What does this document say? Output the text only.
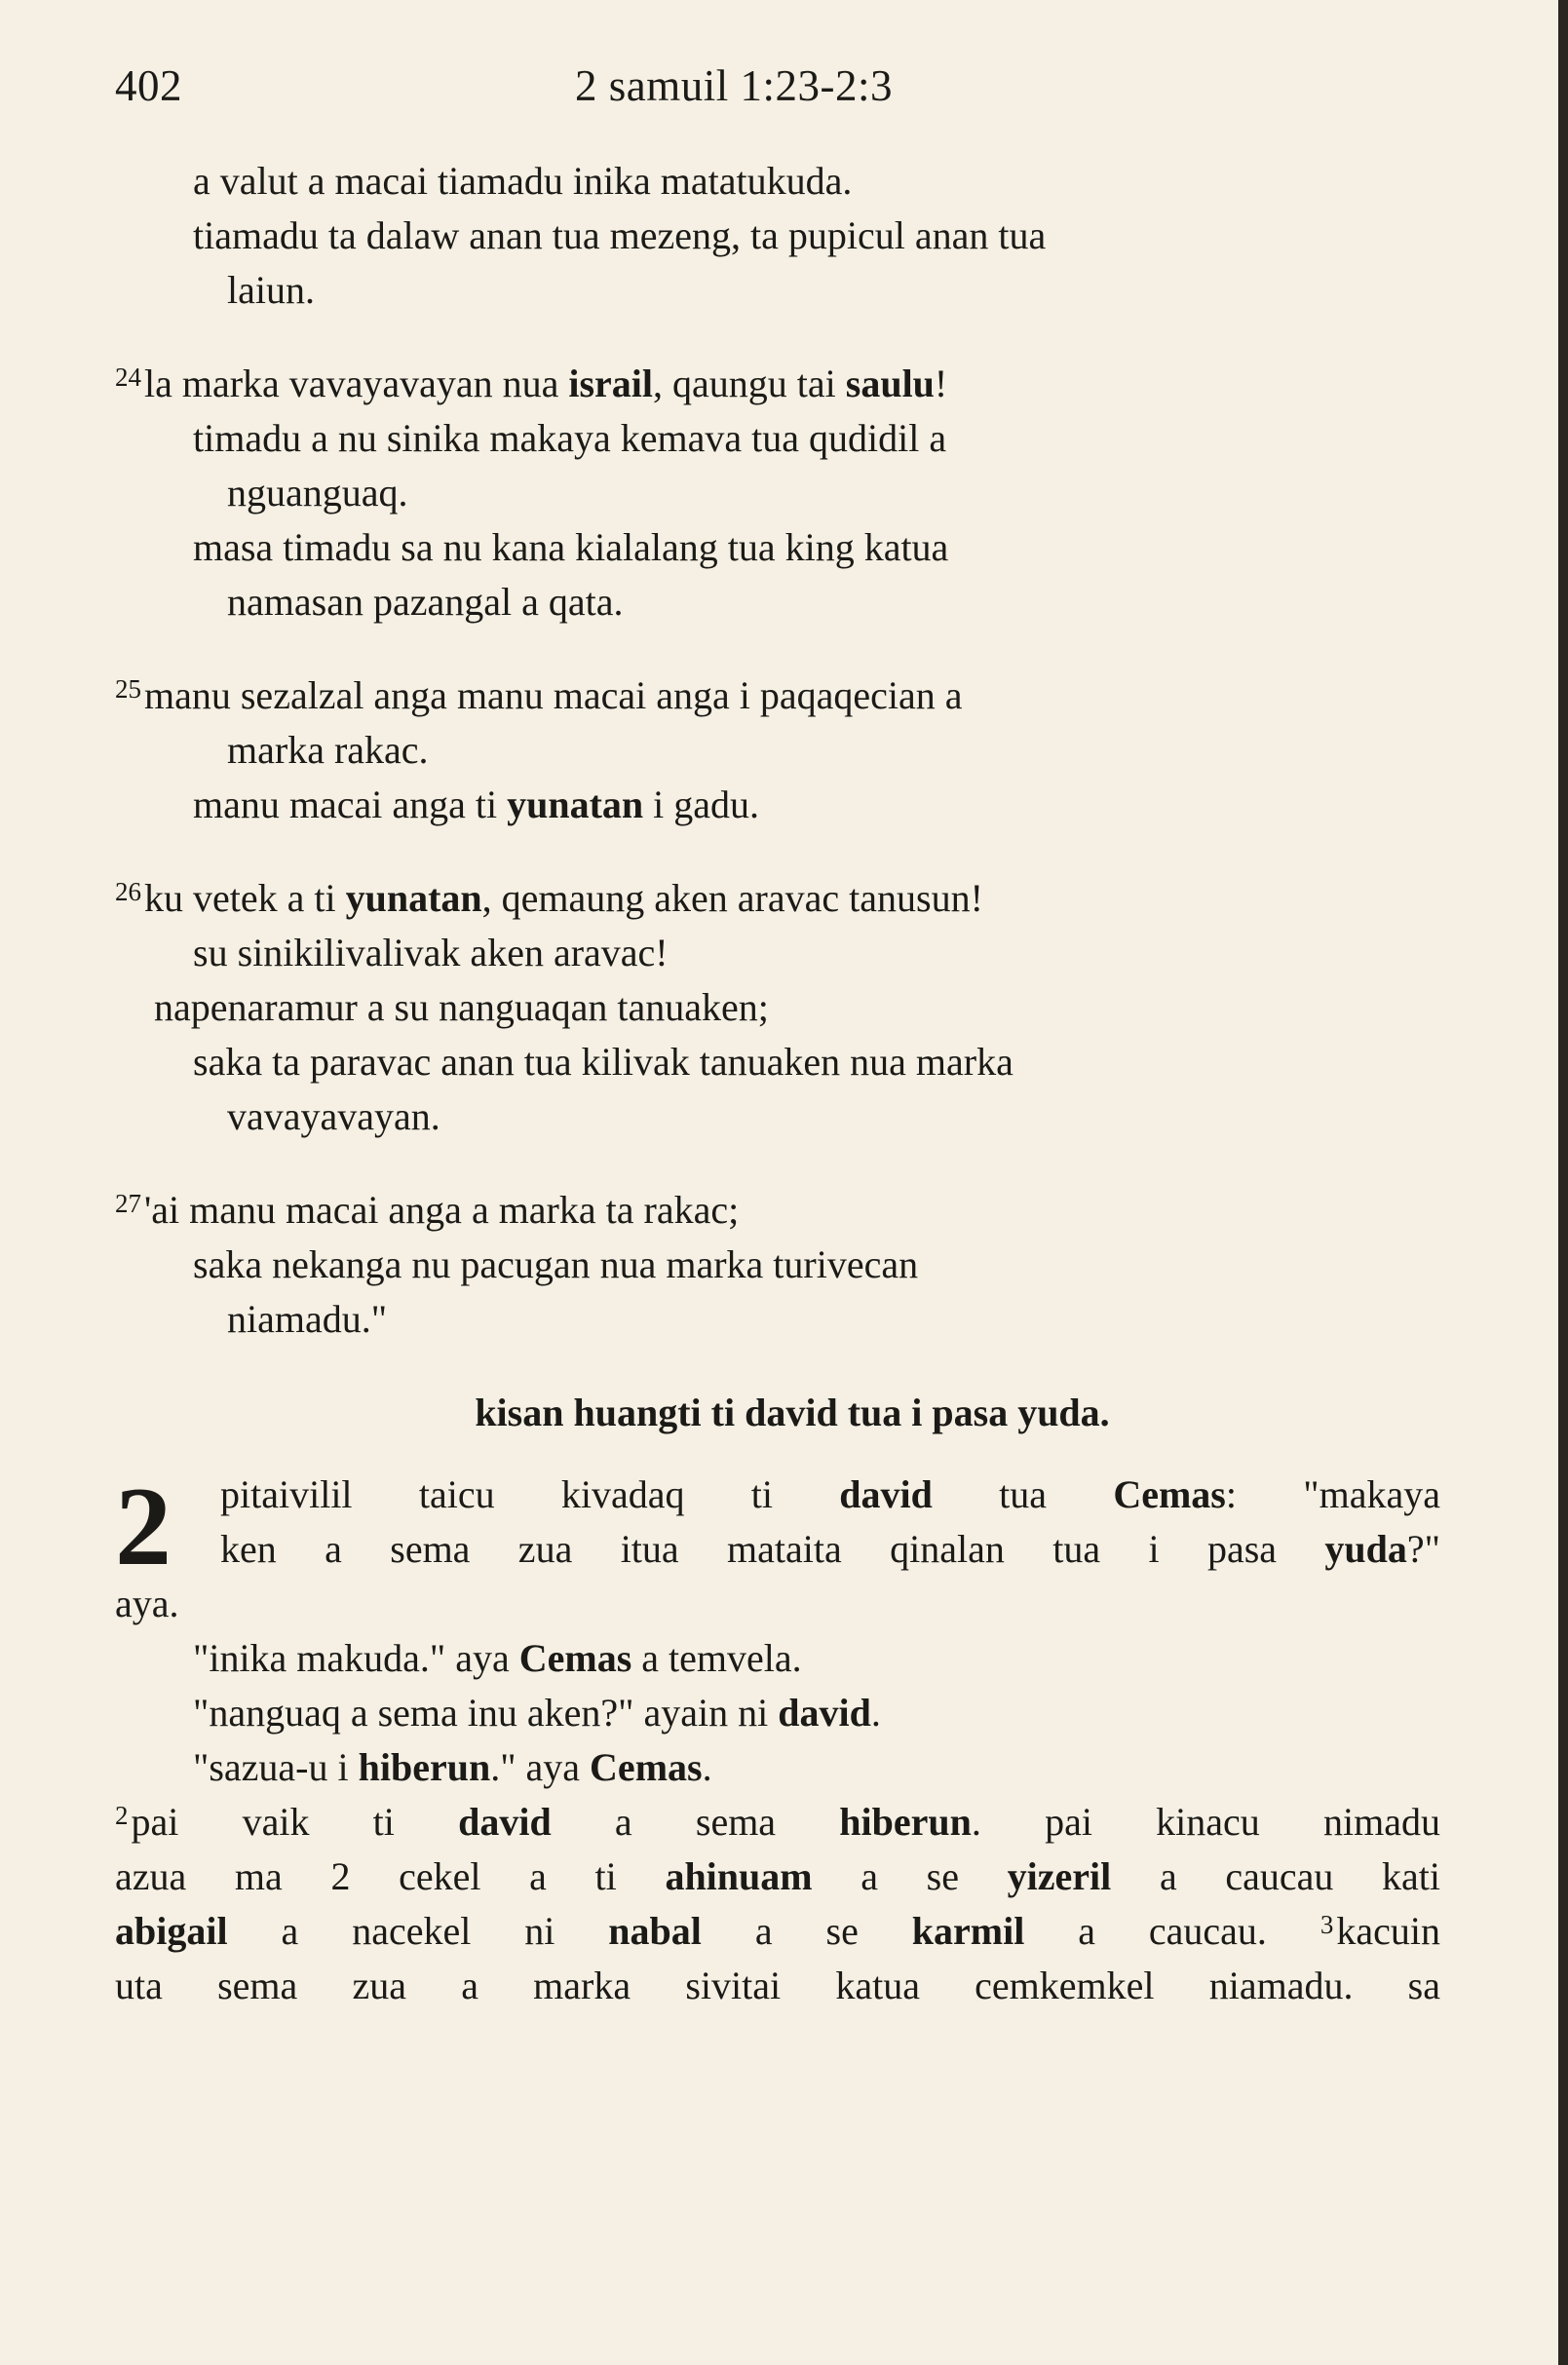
402	2 samuil 1:23-2:3
a valut a macai tiamadu inika matatukuda.
tiamadu ta dalaw anan tua mezeng, ta pupicul anan tua
laiun.
$^{24}$la marka vavayavayan nua israil, qaungu tai saulu!
timadu a nu sinika makaya kemava tua qudidil a
nguanguaq.
masa timadu sa nu kana kialalang tua king katua
namasan pazangal a qata.
$^{25}$manu sezalzal anga manu macai anga i paqaqecian a
marka rakac.
manu macai anga ti yunatan i gadu.
$^{26}$ku vetek a ti yunatan, qemaung aken aravac tanusun!
su sinikilivalivak aken aravac!
napenaramur a su nanguaqan tanuaken;
saka ta paravac anan tua kilivak tanuaken nua marka
vavayavayan.
$^{27}$'ai manu macai anga a marka ta rakac;
saka nekanga nu pacugan nua marka turivecan
niamadu."
kisan huangti ti david tua i pasa yuda.
2	pitaivilil taicu kivadaq ti david tua Cemas: "makaya
ken a sema zua itua mataita qinalan tua i pasa yuda?"
aya.
"inika makuda." aya Cemas a temvela.
"nanguaq a sema inu aken?" ayain ni david.
"sazua-u i hiberun." aya Cemas.
$^2$pai vaik ti david a sema hiberun. pai kinacu nimadu
azua ma 2 cekel a ti ahinuam a se yizeril a caucau kati
abigail a nacekel ni nabal a se karmil a caucau. $^3$kacuin
uta sema zua a marka sivitai katua cemkemkel niamadu. sa
